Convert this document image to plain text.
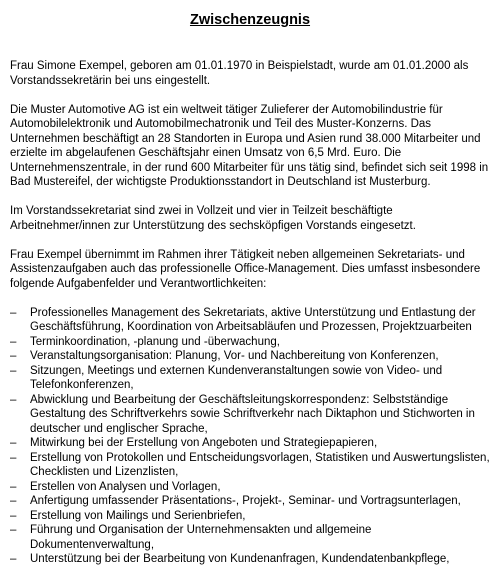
Zwischenzeugnis

Frau Simone Exempel, geboren am 01.01.1970 in Beispielstadt, wurde am 01.01.2000 als Vorstandssekretärin bei uns eingestellt.

Die Muster Automotive AG ist ein weltweit tätiger Zulieferer der Automobilindustrie für Automobilelektronik und Automobilmechatronik und Teil des Muster-Konzerns. Das Unternehmen beschäftigt an 28 Standorten in Europa und Asien rund 38.000 Mitarbeiter und erzielte im abgelaufenen Geschäftsjahr einen Umsatz von 6,5 Mrd. Euro. Die Unternehmenszentrale, in der rund 600 Mitarbeiter für uns tätig sind, befindet sich seit 1998 in Bad Mustereifel, der wichtigste Produktionsstandort in Deutschland ist Musterburg.

Im Vorstandssekretariat sind zwei in Vollzeit und vier in Teilzeit beschäftigte Arbeitnehmer/innen zur Unterstützung des sechsköpfigen Vorstands eingesetzt.

Frau Exempel übernimmt im Rahmen ihrer Tätigkeit neben allgemeinen Sekretariats- und Assistenzaufgaben auch das professionelle Office-Management. Dies umfasst insbesondere folgende Aufgabenfelder und Verantwortlichkeiten:

– Professionelles Management des Sekretariats, aktive Unterstützung und Entlastung der Geschäftsführung, Koordination von Arbeitsabläufen und Prozessen, Projektzuarbeiten
– Terminkoordination, -planung und -überwachung,
– Veranstaltungsorganisation: Planung, Vor- und Nachbereitung von Konferenzen,
– Sitzungen, Meetings und externen Kundenveranstaltungen sowie von Video- und Telefonkonferenzen,
– Abwicklung und Bearbeitung der Geschäftsleitungskorrespondenz: Selbstständige Gestaltung des Schriftverkehrs sowie Schriftverkehr nach Diktaphon und Stichworten in deutscher und englischer Sprache,
– Mitwirkung bei der Erstellung von Angeboten und Strategiepapieren,
– Erstellung von Protokollen und Entscheidungsvorlagen, Statistiken und Auswertungslisten, Checklisten und Lizenzlisten,
– Erstellen von Analysen und Vorlagen,
– Anfertigung umfassender Präsentations-, Projekt-, Seminar- und Vortragsunterlagen,
– Erstellung von Mailings und Serienbriefen,
– Führung und Organisation der Unternehmensakten und allgemeine Dokumentenverwaltung,
– Unterstützung bei der Bearbeitung von Kundenanfragen, Kundendatenbankpflege,
